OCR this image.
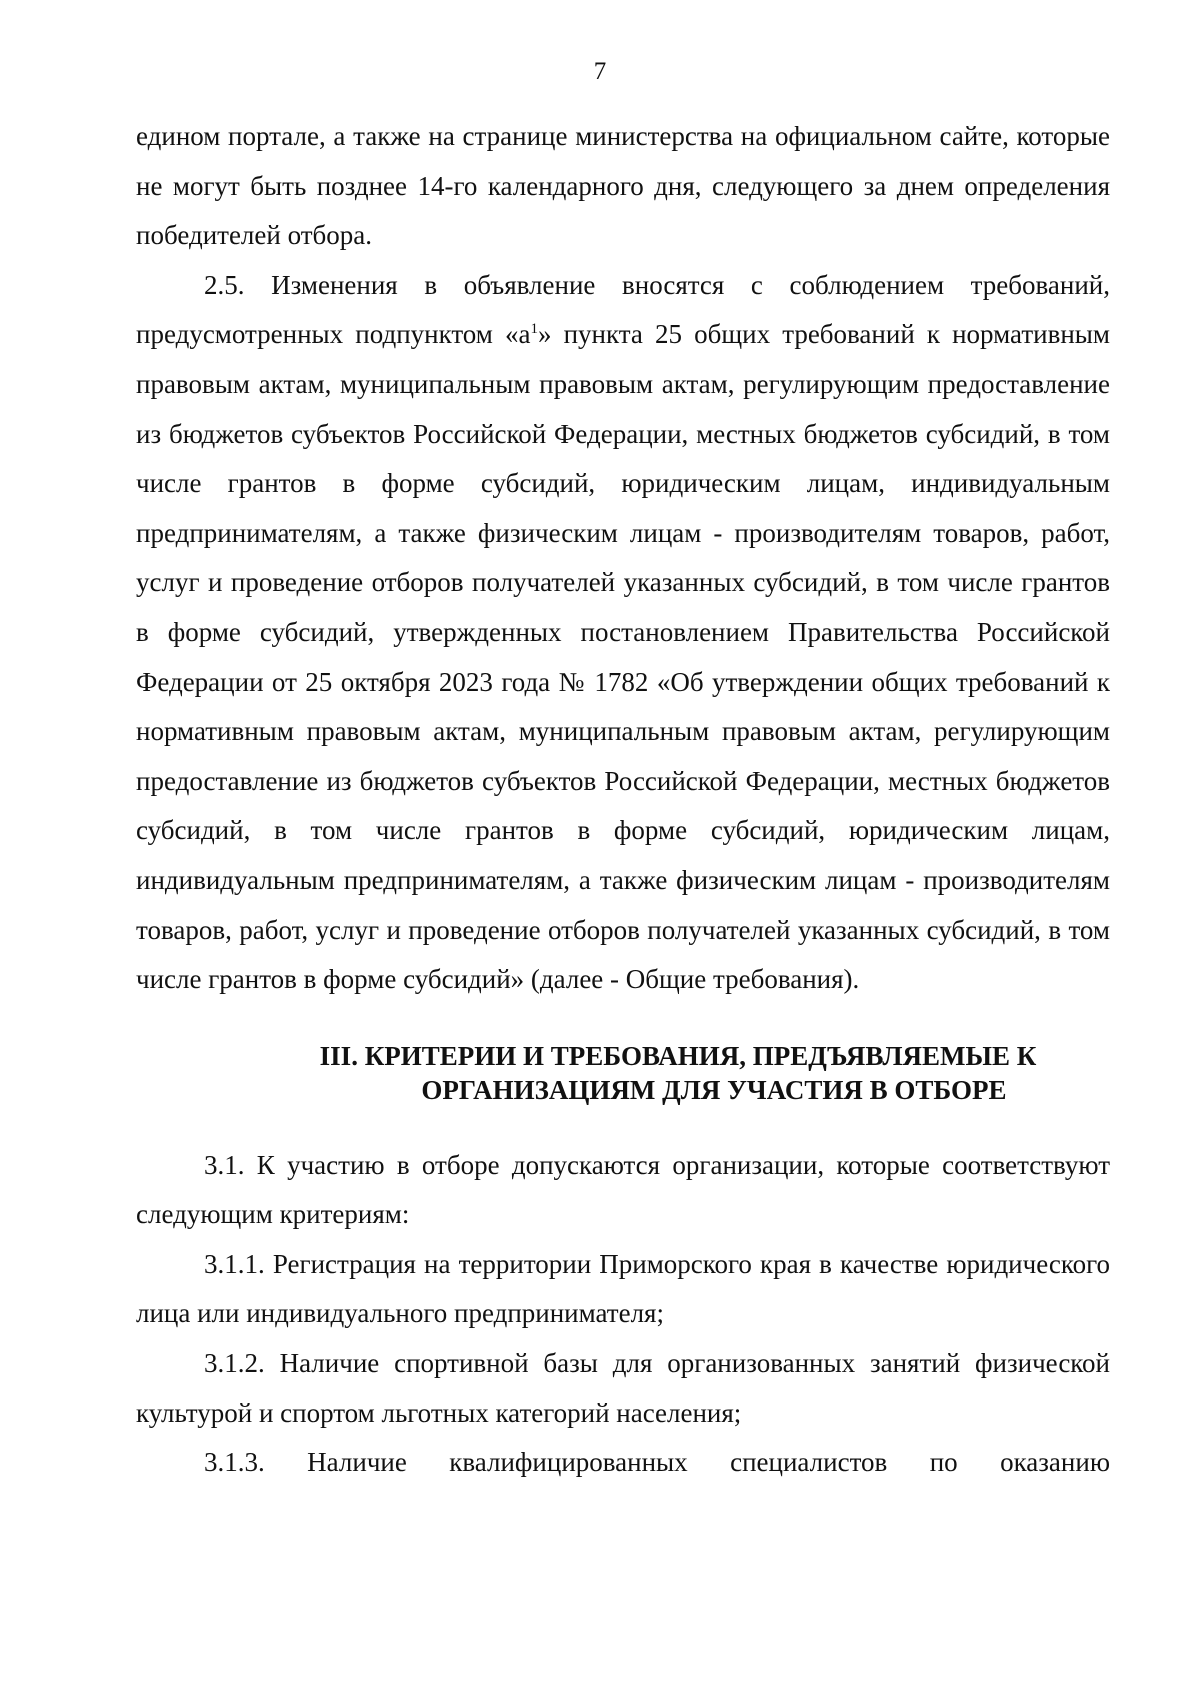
7

едином портале, а также на странице министерства на официальном сайте, которые не могут быть позднее 14-го календарного дня, следующего за днем определения победителей отбора.

2.5. Изменения в объявление вносятся с соблюдением требований, предусмотренных подпунктом «$а^1$» пункта 25 общих требований к нормативным правовым актам, муниципальным правовым актам, регулирующим предоставление из бюджетов субъектов Российской Федерации, местных бюджетов субсидий, в том числе грантов в форме субсидий, юридическим лицам, индивидуальным предпринимателям, а также физическим лицам - производителям товаров, работ, услуг и проведение отборов получателей указанных субсидий, в том числе грантов в форме субсидий, утвержденных постановлением Правительства Российской Федерации от 25 октября 2023 года № 1782 «Об утверждении общих требований к нормативным правовым актам, муниципальным правовым актам, регулирующим предоставление из бюджетов субъектов Российской Федерации, местных бюджетов субсидий, в том числе грантов в форме субсидий, юридическим лицам, индивидуальным предпринимателям, а также физическим лицам - производителям товаров, работ, услуг и проведение отборов получателей указанных субсидий, в том числе грантов в форме субсидий» (далее - Общие требования).

III. КРИТЕРИИ И ТРЕБОВАНИЯ, ПРЕДЪЯВЛЯЕМЫЕ К
ОРГАНИЗАЦИЯМ ДЛЯ УЧАСТИЯ В ОТБОРЕ

3.1. К участию в отборе допускаются организации, которые соответствуют следующим критериям:

3.1.1. Регистрация на территории Приморского края в качестве юридического лица или индивидуального предпринимателя;

3.1.2. Наличие спортивной базы для организованных занятий физической культурой и спортом льготных категорий населения;

3.1.3. Наличие квалифицированных специалистов по оказанию
